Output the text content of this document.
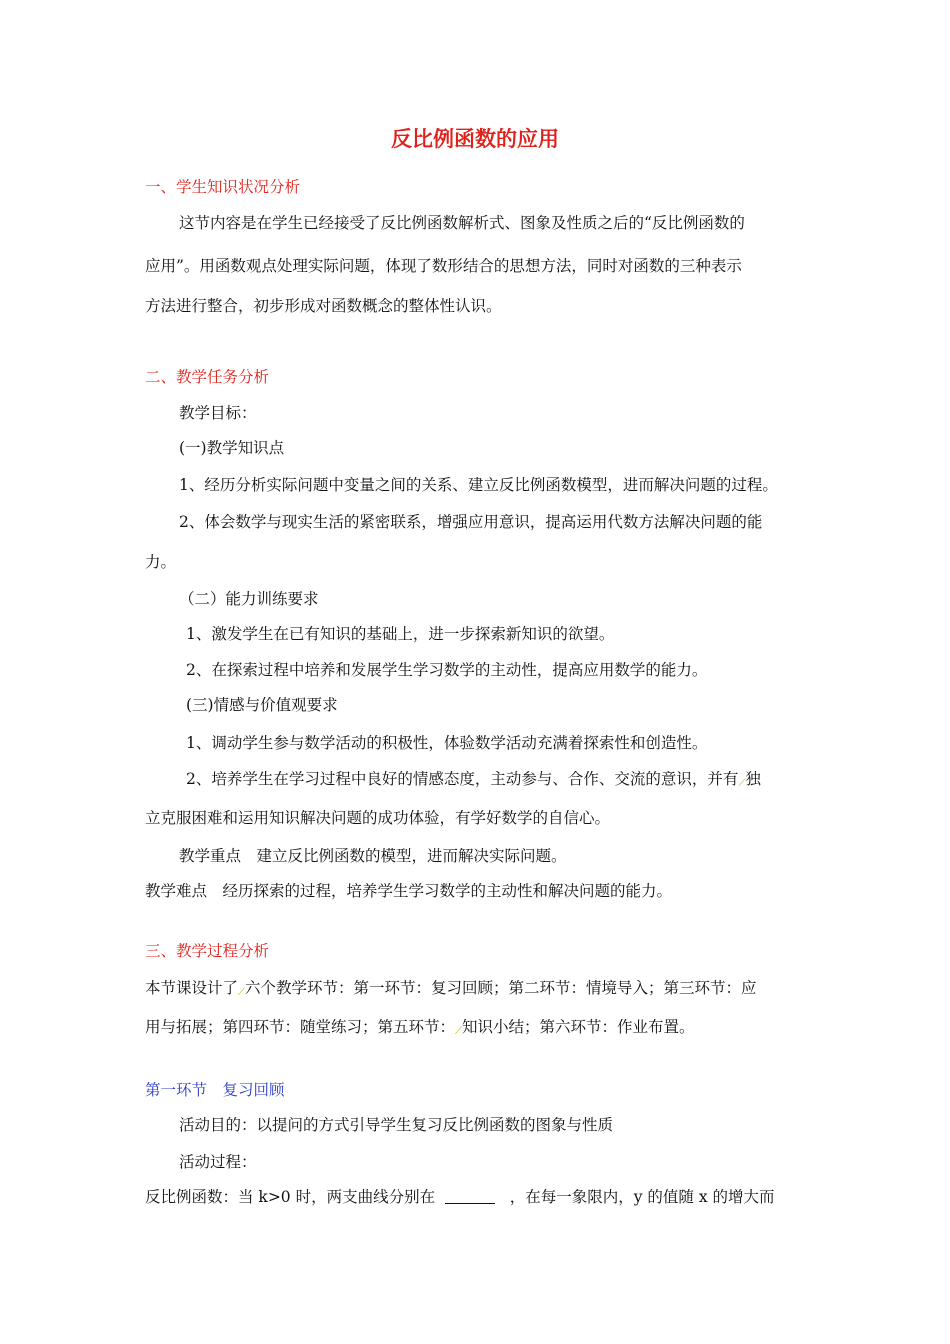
反比例函数的应用

一、学生知识状况分析

这节内容是在学生已经接受了反比例函数解析式、图象及性质之后的“反比例函数的

应用”。用函数观点处理实际问题，体现了数形结合的思想方法，同时对函数的三种表示

方法进行整合，初步形成对函数概念的整体性认识。

二、教学任务分析

教学目标：

(一)教学知识点

1、经历分析实际问题中变量之间的关系、建立反比例函数模型，进而解决问题的过程。

2、体会数学与现实生活的紧密联系，增强应用意识，提高运用代数方法解决问题的能

力。

（二）能力训练要求

1、激发学生在已有知识的基础上，进一步探索新知识的欲望。

2、在探索过程中培养和发展学生学习数学的主动性，提高应用数学的能力。

(三)情感与价值观要求

1、调动学生参与数学活动的积极性，体验数学活动充满着探索性和创造性。

2、培养学生在学习过程中良好的情感态度，主动参与、合作、交流的意识，并有⟋独

立克服困难和运用知识解决问题的成功体验，有学好数学的自信心。

教学重点　建立反比例函数的模型，进而解决实际问题。

教学难点　经历探索的过程，培养学生学习数学的主动性和解决问题的能力。

三、教学过程分析

本节课设计了⟋六个教学环节：第一环节：复习回顾；第二环节：情境导入；第三环节：应

用与拓展；第四环节：随堂练习；第五环节：⟋知识小结；第六环节：作业布置。

第一环节　复习回顾

活动目的：以提问的方式引导学生复习反比例函数的图象与性质

活动过程：

反比例函数：当 k>0 时，两支曲线分别在	，在每一象限内，y 的值随 x 的增大而
